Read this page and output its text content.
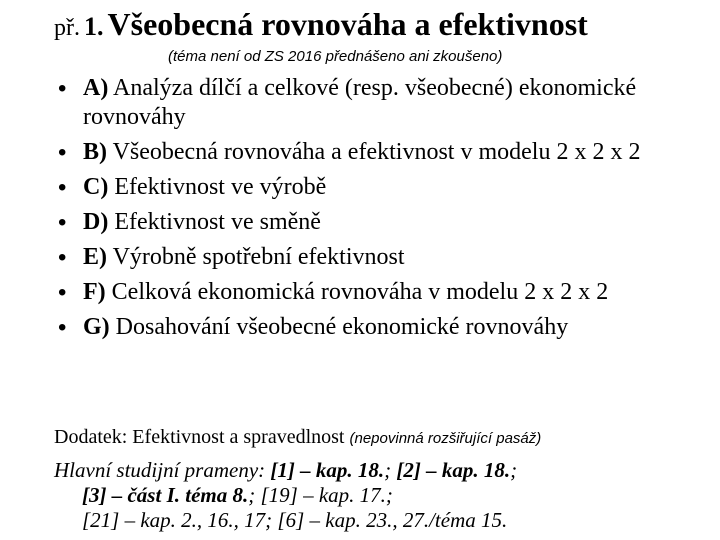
př. 1. Všeobecná rovnováha a efektivnost
(téma není od ZS 2016 přednášeno ani zkoušeno)
• A) Analýza dílčí a celkové (resp. všeobecné) ekonomické rovnováhy
• B) Všeobecná rovnováha a efektivnost v modelu 2 x 2 x 2
• C) Efektivnost ve výrobě
• D) Efektivnost ve směně
• E) Výrobně spotřební efektivnost
• F) Celková ekonomická rovnováha v modelu 2 x 2 x 2
• G) Dosahování všeobecné ekonomické rovnováhy
Dodatek: Efektivnost a spravedlnost (nepovinná rozšiřující pasáž)
Hlavní studijní prameny: [1] – kap. 18.; [2] – kap. 18.;
[3] – část I. téma 8.; [19] – kap. 17.;
[21] – kap. 2., 16., 17; [6] – kap. 23., 27./téma 15.
